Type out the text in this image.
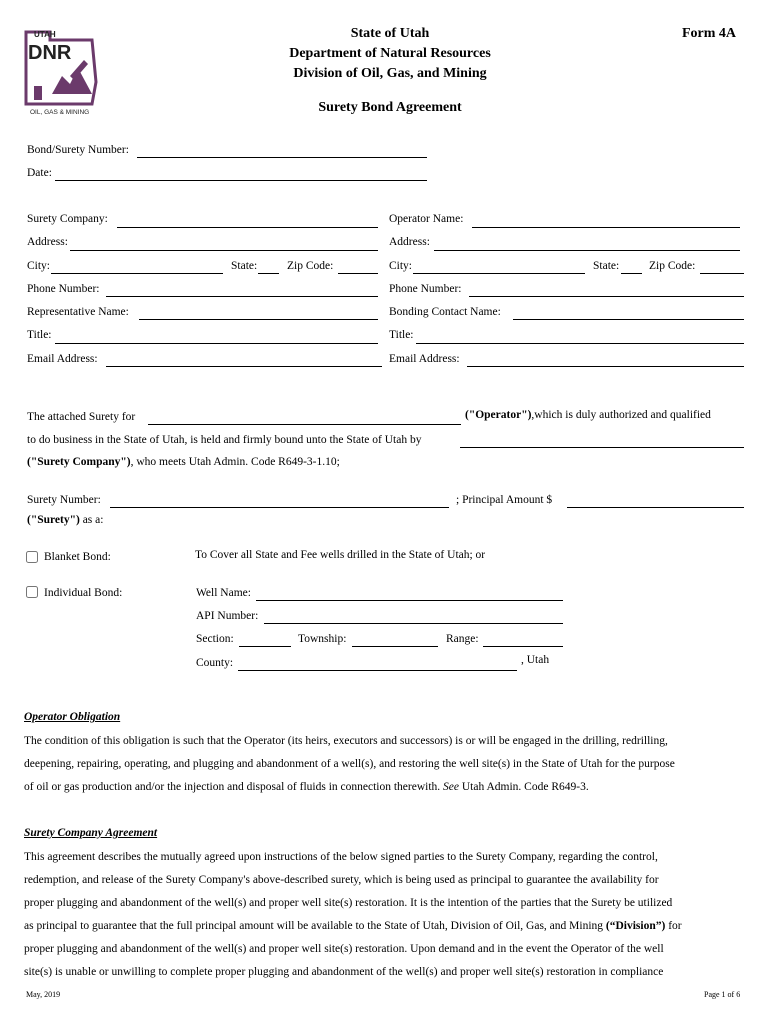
UTAH
DNR
OIL, GAS & MINING
State of Utah
Department of Natural Resources
Division of Oil, Gas, and Mining
Surety Bond Agreement
Form 4A
Bond/Surety Number:
Date:
Surety Company:
Address:
City:	State:	Zip Code:
Phone Number:
Representative Name:
Title:
Email Address:
Operator Name:
Address:
City:	State:	Zip Code:
Phone Number:
Bonding Contact Name:
Title:
Email Address:
The attached Surety for	("Operator"),which is duly authorized and qualified
to do business in the State of Utah, is held and firmly bound unto the State of Utah by
("Surety Company"), who meets Utah Admin. Code R649-3-1.10;
Surety Number:	; Principal Amount $
("Surety") as a:
Blanket Bond:	To Cover all State and Fee wells drilled in the State of Utah; or
Individual Bond:	Well Name:
API Number:
Section:	Township:	Range:
County:	, Utah
Operator Obligation
The condition of this obligation is such that the Operator (its heirs, executors and successors) is or will be engaged in the drilling, redrilling,
deepening, repairing, operating, and plugging and abandonment of a well(s), and restoring the well site(s) in the State of Utah for the purpose
of oil or gas production and/or the injection and disposal of fluids in connection therewith. See Utah Admin. Code R649-3.
Surety Company Agreement
This agreement describes the mutually agreed upon instructions of the below signed parties to the Surety Company, regarding the control,
redemption, and release of the Surety Company's above-described surety, which is being used as principal to guarantee the availability for
proper plugging and abandonment of the well(s) and proper well site(s) restoration. It is the intention of the parties that the Surety be utilized
as principal to guarantee that the full principal amount will be available to the State of Utah, Division of Oil, Gas, and Mining (“Division”) for
proper plugging and abandonment of the well(s) and proper well site(s) restoration. Upon demand and in the event the Operator of the well
site(s) is unable or unwilling to complete proper plugging and abandonment of the well(s) and proper well site(s) restoration in compliance
May, 2019	Page 1 of 6
